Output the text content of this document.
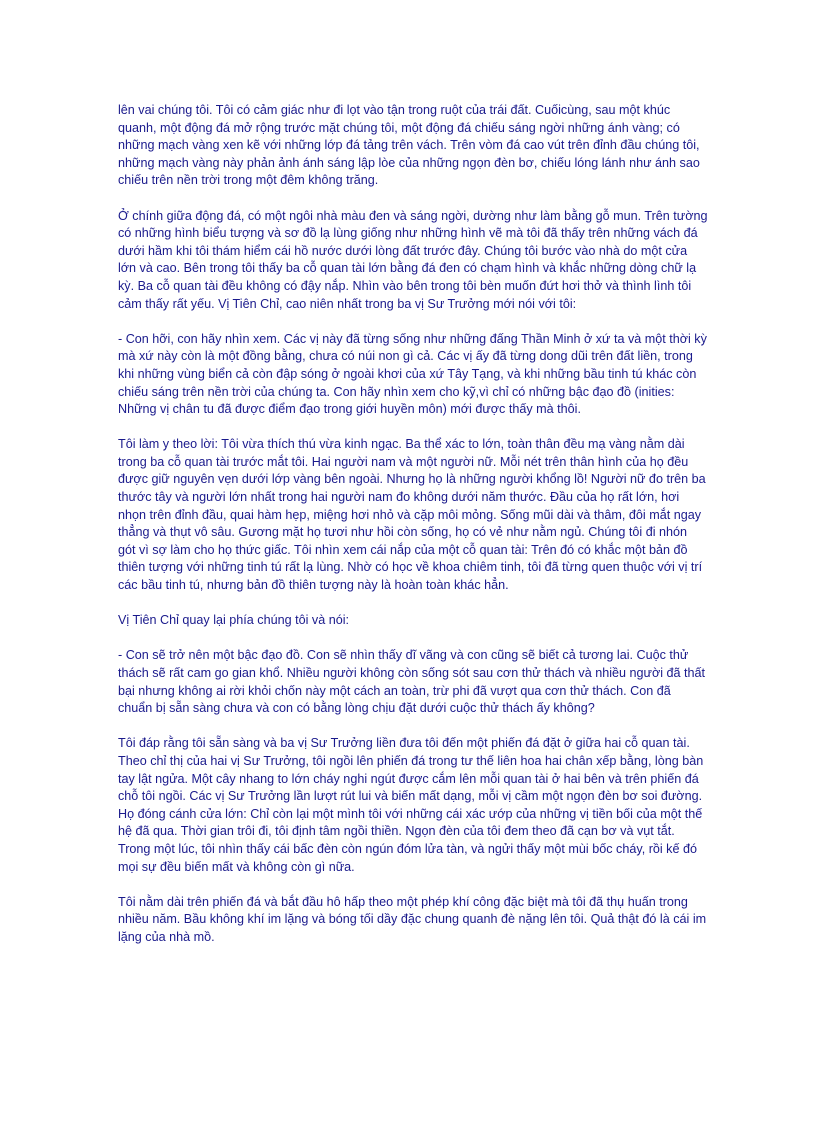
lên vai chúng tôi. Tôi có cảm giác như đi lọt vào tận trong ruột của trái đất. Cuốicùng, sau một khúc quanh, một động đá mở rộng trước mặt chúng tôi, một động đá chiếu sáng ngời những ánh vàng; có những mạch vàng xen kẽ với những lớp đá tảng trên vách. Trên vòm đá cao vút trên đỉnh đầu chúng tôi, những mạch vàng này phản ảnh ánh sáng lập lòe của những ngọn đèn bơ, chiếu lóng lánh như ánh sao chiếu trên nền trời trong một đêm không trăng.

Ở chính giữa động đá, có một ngôi nhà màu đen và sáng ngời, dường như làm bằng gỗ mun. Trên tường có những hình biểu tượng và sơ đồ lạ lùng giống như những hình vẽ mà tôi đã thấy trên những vách đá dưới hầm khi tôi thám hiểm cái hồ nước dưới lòng đất trước đây. Chúng tôi bước vào nhà do một cửa lớn và cao. Bên trong tôi thấy ba cỗ quan tài lớn bằng đá đen có chạm hình và khắc những dòng chữ lạ kỳ. Ba cỗ quan tài đều không có đậy nắp. Nhìn vào bên trong tôi bèn muốn đứt hơi thở và thình lình tôi cảm thấy rất yếu. Vị Tiên Chỉ, cao niên nhất trong ba vị Sư Trưởng mới nói với tôi:

- Con hỡi, con hãy nhìn xem. Các vị này đã từng sống như những đấng Thần Minh ở xứ ta và một thời kỳ mà xứ này còn là một đồng bằng, chưa có núi non gì cả. Các vị ấy đã từng dong dũi trên đất liền, trong khi những vùng biển cả còn đập sóng ở ngoài khơi của xứ Tây Tạng, và khi những bầu tinh tú khác còn chiếu sáng trên nền trời của chúng ta. Con hãy nhìn xem cho kỹ,vì chỉ có những bậc đạo đồ (inities: Những vị chân tu đã được điểm đạo trong giới huyền môn) mới được thấy mà thôi.

Tôi làm y theo lời: Tôi vừa thích thú vừa kinh ngạc. Ba thể xác to lớn, toàn thân đều mạ vàng nằm dài trong ba cỗ quan tài trước mắt tôi. Hai người nam và một người nữ. Mỗi nét trên thân hình của họ đều được giữ nguyên vẹn dưới lớp vàng bên ngoài. Nhưng họ là những người khổng lồ! Người nữ đo trên ba thước tây và người lớn nhất trong hai người nam đo không dưới năm thước. Đầu của họ rất lớn, hơi nhọn trên đỉnh đầu, quai hàm hẹp, miệng hơi nhỏ và cặp môi mỏng. Sống mũi dài và thâm, đôi mắt ngay thẳng và thụt vô sâu. Gương mặt họ tươi như hồi còn sống, họ có vẻ như nằm ngủ. Chúng tôi đi nhón gót vì sợ làm cho họ thức giấc. Tôi nhìn xem cái nắp của một cỗ quan tài: Trên đó có khắc một bản đồ thiên tượng với những tinh tú rất lạ lùng. Nhờ có học về khoa chiêm tinh, tôi đã từng quen thuộc với vị trí các bầu tinh tú, nhưng bản đồ thiên tượng này là hoàn toàn khác hẳn.

Vị Tiên Chỉ quay lại phía chúng tôi và nói:

- Con sẽ trở nên một bậc đạo đồ. Con sẽ nhìn thấy dĩ vãng và con cũng sẽ biết cả tương lai. Cuộc thử thách sẽ rất cam go gian khổ. Nhiều người không còn sống sót sau cơn thử thách và nhiều người đã thất bại nhưng không ai rời khỏi chốn này một cách an toàn, trừ phi đã vượt qua cơn thử thách. Con đã chuẩn bị sẵn sàng chưa và con có bằng lòng chịu đặt dưới cuộc thử thách ấy không?

Tôi đáp rằng tôi sẵn sàng và ba vị Sư Trưởng liền đưa tôi đến một phiến đá đặt ở giữa hai cỗ quan tài. Theo chỉ thị của hai vị Sư Trưởng, tôi ngồi lên phiến đá trong tư thế liên hoa hai chân xếp bằng, lòng bàn tay lật ngửa. Một cây nhang to lớn cháy nghi ngút được cắm lên mỗi quan tài ở hai bên và trên phiến đá chỗ tôi ngồi. Các vị Sư Trưởng lần lượt rút lui và biến mất dạng, mỗi vị cầm một ngọn đèn bơ soi đường. Họ đóng cánh cửa lớn: Chỉ còn lại một mình tôi với những cái xác ướp của những vị tiền bối của một thế hệ đã qua. Thời gian trôi đi, tôi định tâm ngồi thiền. Ngọn đèn của tôi đem theo đã cạn bơ và vụt tắt. Trong một lúc, tôi nhìn thấy cái bấc đèn còn ngún đóm lửa tàn, và ngửi thấy một mùi bốc cháy, rồi kế đó mọi sự đều biến mất và không còn gì nữa.

Tôi nằm dài trên phiến đá và bắt đầu hô hấp theo một phép khí công đặc biệt mà tôi đã thụ huấn trong nhiều năm. Bầu không khí im lặng và bóng tối dầy đặc chung quanh đè nặng lên tôi. Quả thật đó là cái im lặng của nhà mồ.
